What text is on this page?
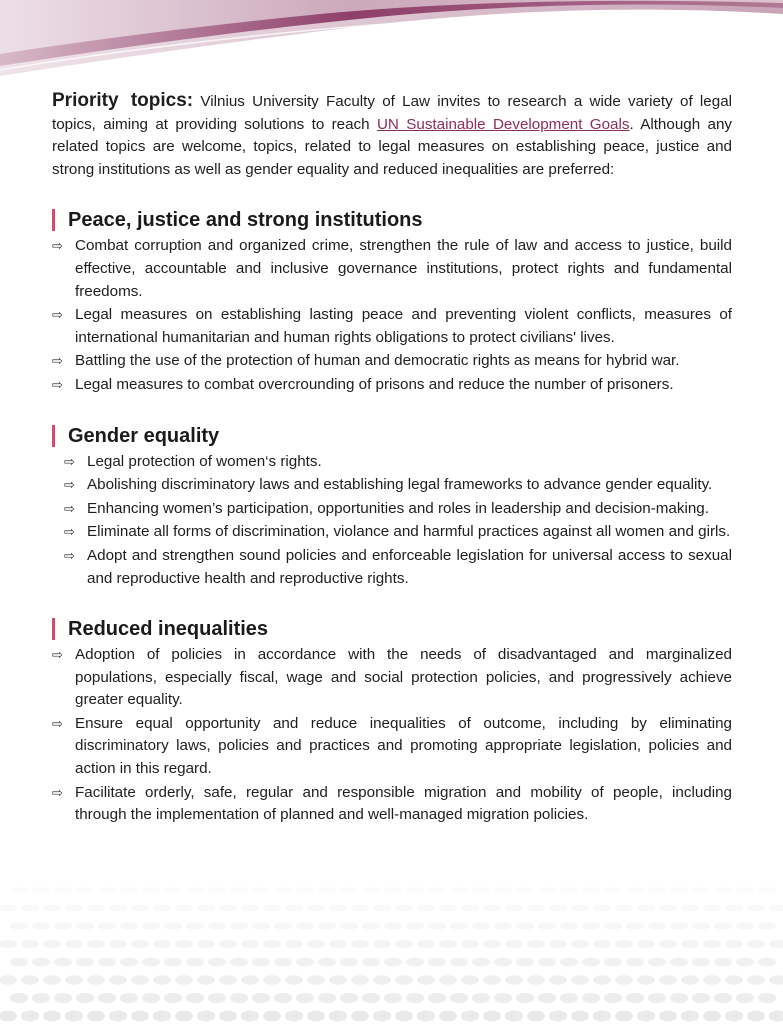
Priority topics: Vilnius University Faculty of Law invites to research a wide variety of legal topics, aiming at providing solutions to reach UN Sustainable Development Goals. Although any related topics are welcome, topics, related to legal measures on establishing peace, justice and strong institutions as well as gender equality and reduced inequalities are preferred:

Peace, justice and strong institutions
⇨ Combat corruption and organized crime, strengthen the rule of law and access to justice, build effective, accountable and inclusive governance institutions, protect rights and fundamental freedoms.
⇨ Legal measures on establishing lasting peace and preventing violent conflicts, measures of international humanitarian and human rights obligations to protect civilians' lives.
⇨ Battling the use of the protection of human and democratic rights as means for hybrid war.
⇨ Legal measures to combat overcrounding of prisons and reduce the number of prisoners.
Gender equality
⇨ Legal protection of women‘s rights.
⇨ Abolishing discriminatory laws and establishing legal frameworks to advance gender equality.
⇨ Enhancing women’s participation, opportunities and roles in leadership and decision-making.
⇨ Eliminate all forms of discrimination, violance and harmful practices against all women and girls.
⇨ Adopt and strengthen sound policies and enforceable legislation for universal access to sexual and reproductive health and reproductive rights.
Reduced inequalities
⇨ Adoption of policies in accordance with the needs of disadvantaged and marginalized populations, especially fiscal, wage and social protection policies, and progressively achieve greater equality.
⇨ Ensure equal opportunity and reduce inequalities of outcome, including by eliminating discriminatory laws, policies and practices and promoting appropriate legislation, policies and action in this regard.
⇨ Facilitate orderly, safe, regular and responsible migration and mobility of people, including through the implementation of planned and well-managed migration policies.
